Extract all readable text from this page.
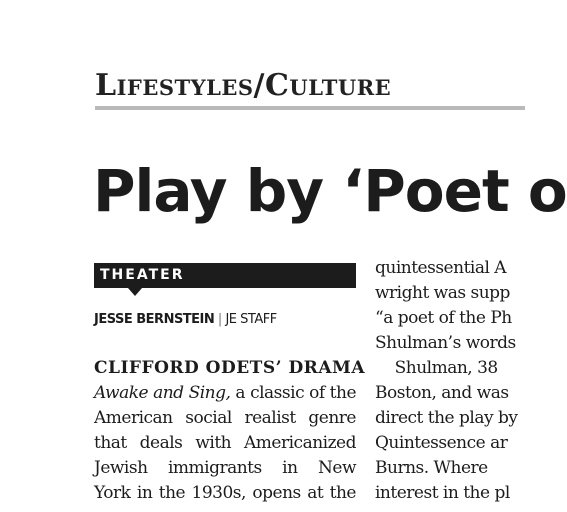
Lifestyles/Culture
Play by ‘Poet o
THEATER
JESSE BERNSTEIN | JE STAFF
CLIFFORD ODETS’ DRAMA
Awake and Sing, a classic of the
American social realist genre
that deals with Americanized
Jewish immigrants in New
York in the 1930s, opens at the
quintessential A
wright was supp
“a poet of the Ph
Shulman’s words
Shulman, 38
Boston, and was
direct the play by
Quintessence ar
Burns. Where
interest in the pl
